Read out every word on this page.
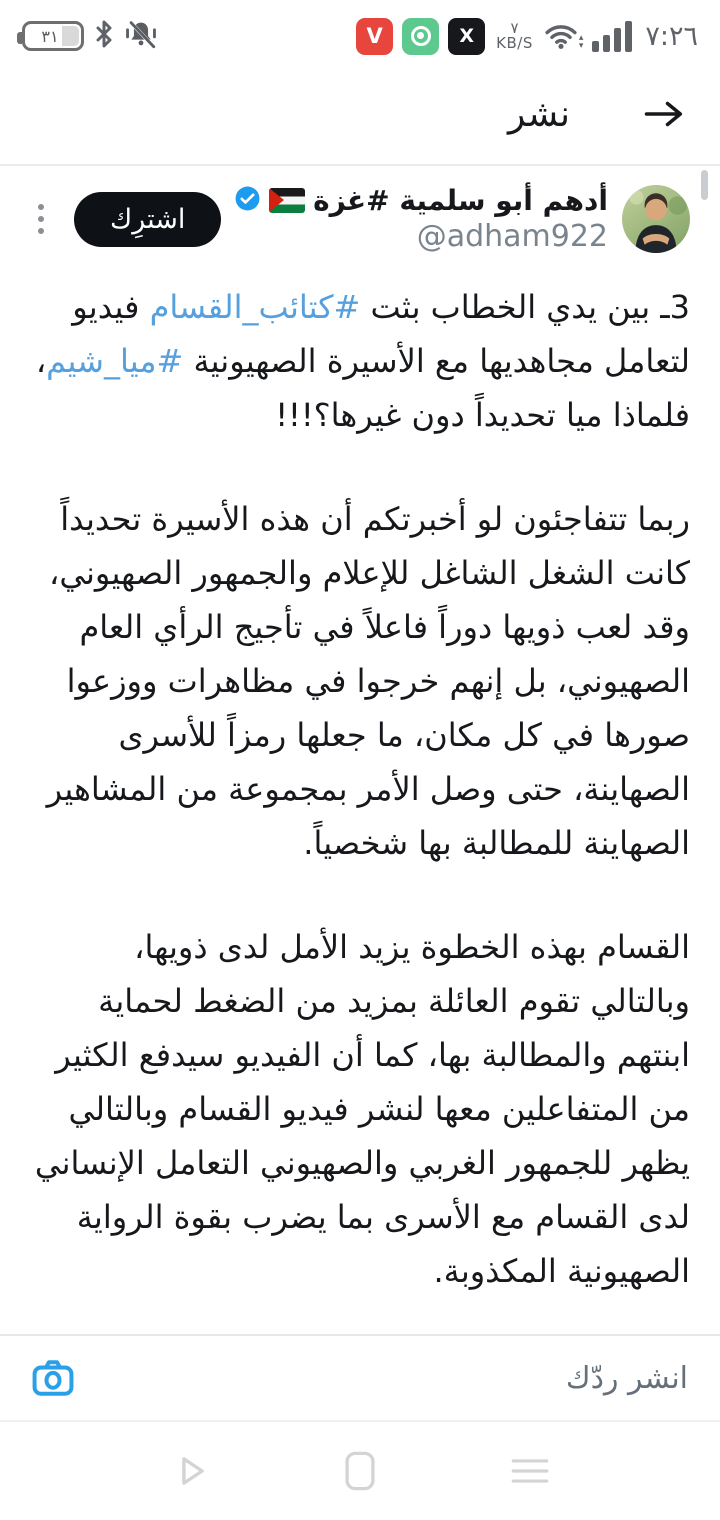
٣١	V	X	٧
KB/S	▴
▾ ٧:٢٦
نشر
أدهم أبو سلمية #غزة
@adham922
اشترِك
3ـ بين يدي الخطاب بثت #كتائب_القسام فيديو لتعامل مجاهديها مع الأسيرة الصهيونية #ميا_شيم، فلماذا ميا تحديداً دون غيرها؟!!!
ربما تتفاجئون لو أخبرتكم أن هذه الأسيرة تحديداً كانت الشغل الشاغل للإعلام والجمهور الصهيوني، وقد لعب ذويها دوراً فاعلاً في تأجيج الرأي العام الصهيوني، بل إنهم خرجوا في مظاهرات ووزعوا صورها في كل مكان، ما جعلها رمزاً للأسرى الصهاينة، حتى وصل الأمر بمجموعة من المشاهير الصهاينة للمطالبة بها شخصياً.
القسام بهذه الخطوة يزيد الأمل لدى ذويها، وبالتالي تقوم العائلة بمزيد من الضغط لحماية ابنتهم والمطالبة بها، كما أن الفيديو سيدفع الكثير من المتفاعلين معها لنشر فيديو القسام وبالتالي يظهر للجمهور الغربي والصهيوني التعامل الإنساني لدى القسام مع الأسرى بما يضرب بقوة الرواية الصهيونية المكذوبة.
انشر ردّك
